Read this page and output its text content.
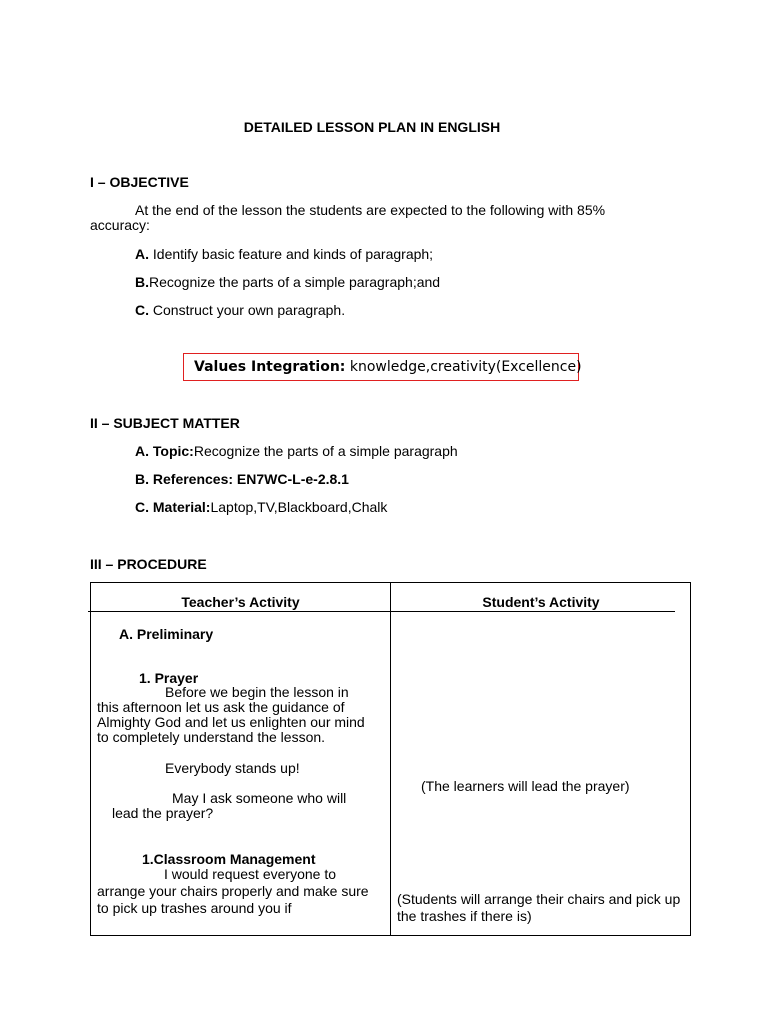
DETAILED LESSON PLAN IN ENGLISH
I – OBJECTIVE
At the end of the lesson the students are expected to the following with 85% accuracy:
A. Identify basic feature and kinds of paragraph;
B.Recognize the parts of a simple paragraph;and
C. Construct your own paragraph.
Values Integration: knowledge,creativity(Excellence)
II – SUBJECT MATTER
A. Topic:Recognize the parts of a simple paragraph
B. References: EN7WC-L-e-2.8.1
C. Material:Laptop,TV,Blackboard,Chalk
III – PROCEDURE
Teacher’s Activity	Student’s Activity
A. Preliminary
1. Prayer
Before we begin the lesson in this afternoon let us ask the guidance of Almighty God and let us enlighten our mind to completely understand the lesson.
Everybody stands up!
May I ask someone who will lead the prayer?
(The learners will lead the prayer)
1.Classroom Management
I would request everyone to arrange your chairs properly and make sure to pick up trashes around you if
(Students will arrange their chairs and pick up the trashes if there is)
